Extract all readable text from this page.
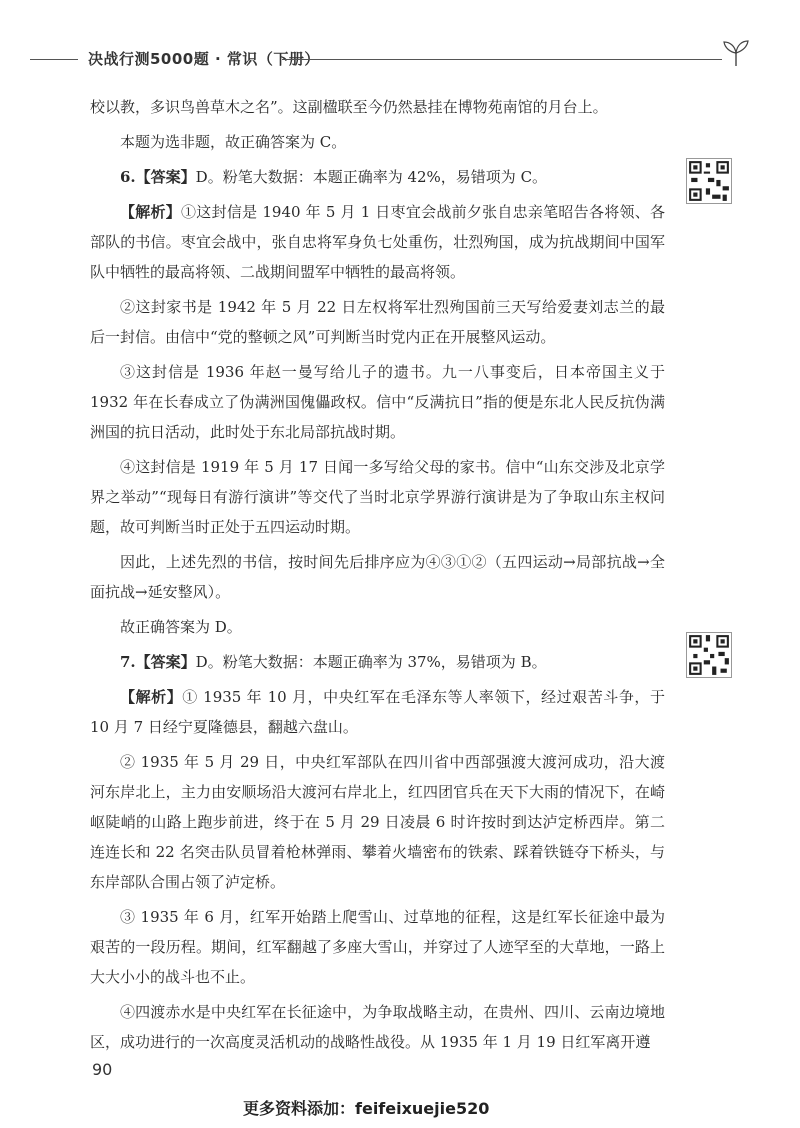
决战行测5000题 · 常识（下册）

校以教，多识鸟兽草木之名”。这副楹联至今仍然悬挂在博物苑南馆的月台上。

本题为选非题，故正确答案为 C。

6.【答案】D。粉笔大数据：本题正确率为 42%，易错项为 C。

【解析】①这封信是 1940 年 5 月 1 日枣宜会战前夕张自忠亲笔昭告各将领、各部队的书信。枣宜会战中，张自忠将军身负七处重伤，壮烈殉国，成为抗战期间中国军队中牺牲的最高将领、二战期间盟军中牺牲的最高将领。

②这封家书是 1942 年 5 月 22 日左权将军壮烈殉国前三天写给爱妻刘志兰的最后一封信。由信中“党的整顿之风”可判断当时党内正在开展整风运动。

③这封信是 1936 年赵一曼写给儿子的遗书。九一八事变后，日本帝国主义于 1932 年在长春成立了伪满洲国傀儡政权。信中“反满抗日”指的便是东北人民反抗伪满洲国的抗日活动，此时处于东北局部抗战时期。

④这封信是 1919 年 5 月 17 日闻一多写给父母的家书。信中“山东交涉及北京学界之举动”“现每日有游行演讲”等交代了当时北京学界游行演讲是为了争取山东主权问题，故可判断当时正处于五四运动时期。

因此，上述先烈的书信，按时间先后排序应为④③①②（五四运动→局部抗战→全面抗战→延安整风）。

故正确答案为 D。

7.【答案】D。粉笔大数据：本题正确率为 37%，易错项为 B。

【解析】① 1935 年 10 月，中央红军在毛泽东等人率领下，经过艰苦斗争，于 10 月 7 日经宁夏隆德县，翻越六盘山。

② 1935 年 5 月 29 日，中央红军部队在四川省中西部强渡大渡河成功，沿大渡河东岸北上，主力由安顺场沿大渡河右岸北上，红四团官兵在天下大雨的情况下，在崎岖陡峭的山路上跑步前进，终于在 5 月 29 日凌晨 6 时许按时到达泸定桥西岸。第二连连长和 22 名突击队员冒着枪林弹雨、攀着火墙密布的铁索、踩着铁链夺下桥头，与东岸部队合围占领了泸定桥。

③ 1935 年 6 月，红军开始踏上爬雪山、过草地的征程，这是红军长征途中最为艰苦的一段历程。期间，红军翻越了多座大雪山，并穿过了人迹罕至的大草地，一路上大大小小的战斗也不止。

④四渡赤水是中央红军在长征途中，为争取战略主动，在贵州、四川、云南边境地区，成功进行的一次高度灵活机动的战略性战役。从 1935 年 1 月 19 日红军离开遵

90
更多资料添加：feifeixuejie520
